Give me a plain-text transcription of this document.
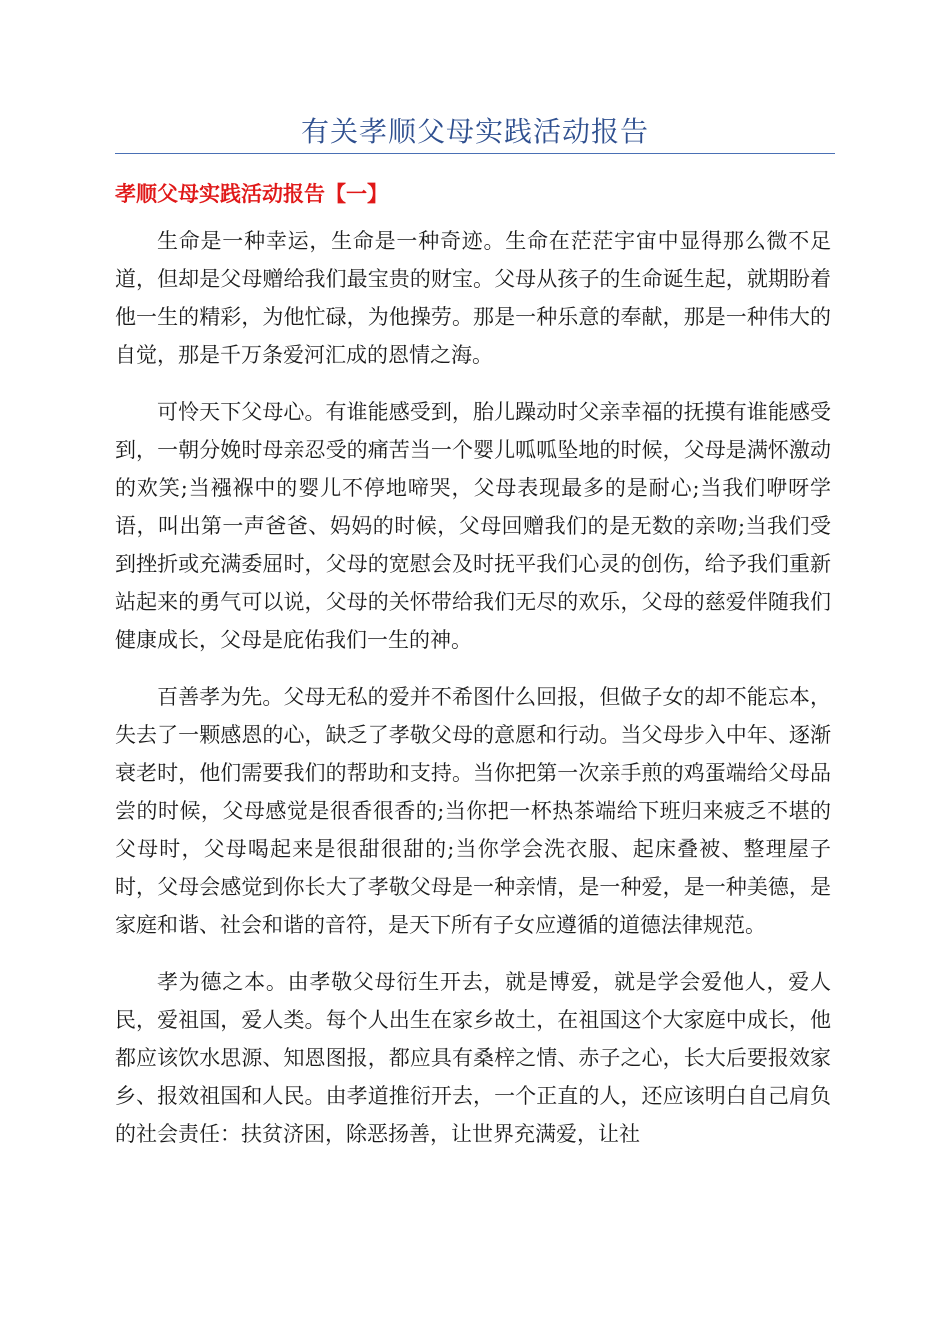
有关孝顺父母实践活动报告
孝顺父母实践活动报告【一】

生命是一种幸运，生命是一种奇迹。生命在茫茫宇宙中显得那么微不足道，但却是父母赠给我们最宝贵的财宝。父母从孩子的生命诞生起，就期盼着他一生的精彩，为他忙碌，为他操劳。那是一种乐意的奉献，那是一种伟大的自觉，那是千万条爱河汇成的恩情之海。

可怜天下父母心。有谁能感受到，胎儿躁动时父亲幸福的抚摸有谁能感受到，一朝分娩时母亲忍受的痛苦当一个婴儿呱呱坠地的时候，父母是满怀激动的欢笑;当襁褓中的婴儿不停地啼哭，父母表现最多的是耐心;当我们咿呀学语，叫出第一声爸爸、妈妈的时候，父母回赠我们的是无数的亲吻;当我们受到挫折或充满委屈时，父母的宽慰会及时抚平我们心灵的创伤，给予我们重新站起来的勇气可以说，父母的关怀带给我们无尽的欢乐，父母的慈爱伴随我们健康成长，父母是庇佑我们一生的神。

百善孝为先。父母无私的爱并不希图什么回报，但做子女的却不能忘本，失去了一颗感恩的心，缺乏了孝敬父母的意愿和行动。当父母步入中年、逐渐衰老时，他们需要我们的帮助和支持。当你把第一次亲手煎的鸡蛋端给父母品尝的时候，父母感觉是很香很香的;当你把一杯热茶端给下班归来疲乏不堪的父母时，父母喝起来是很甜很甜的;当你学会洗衣服、起床叠被、整理屋子时，父母会感觉到你长大了孝敬父母是一种亲情，是一种爱，是一种美德，是家庭和谐、社会和谐的音符，是天下所有子女应遵循的道德法律规范。

孝为德之本。由孝敬父母衍生开去，就是博爱，就是学会爱他人，爱人民，爱祖国，爱人类。每个人出生在家乡故土，在祖国这个大家庭中成长，他都应该饮水思源、知恩图报，都应具有桑梓之情、赤子之心，长大后要报效家乡、报效祖国和人民。由孝道推衍开去，一个正直的人，还应该明白自己肩负的社会责任：扶贫济困，除恶扬善，让世界充满爱，让社
